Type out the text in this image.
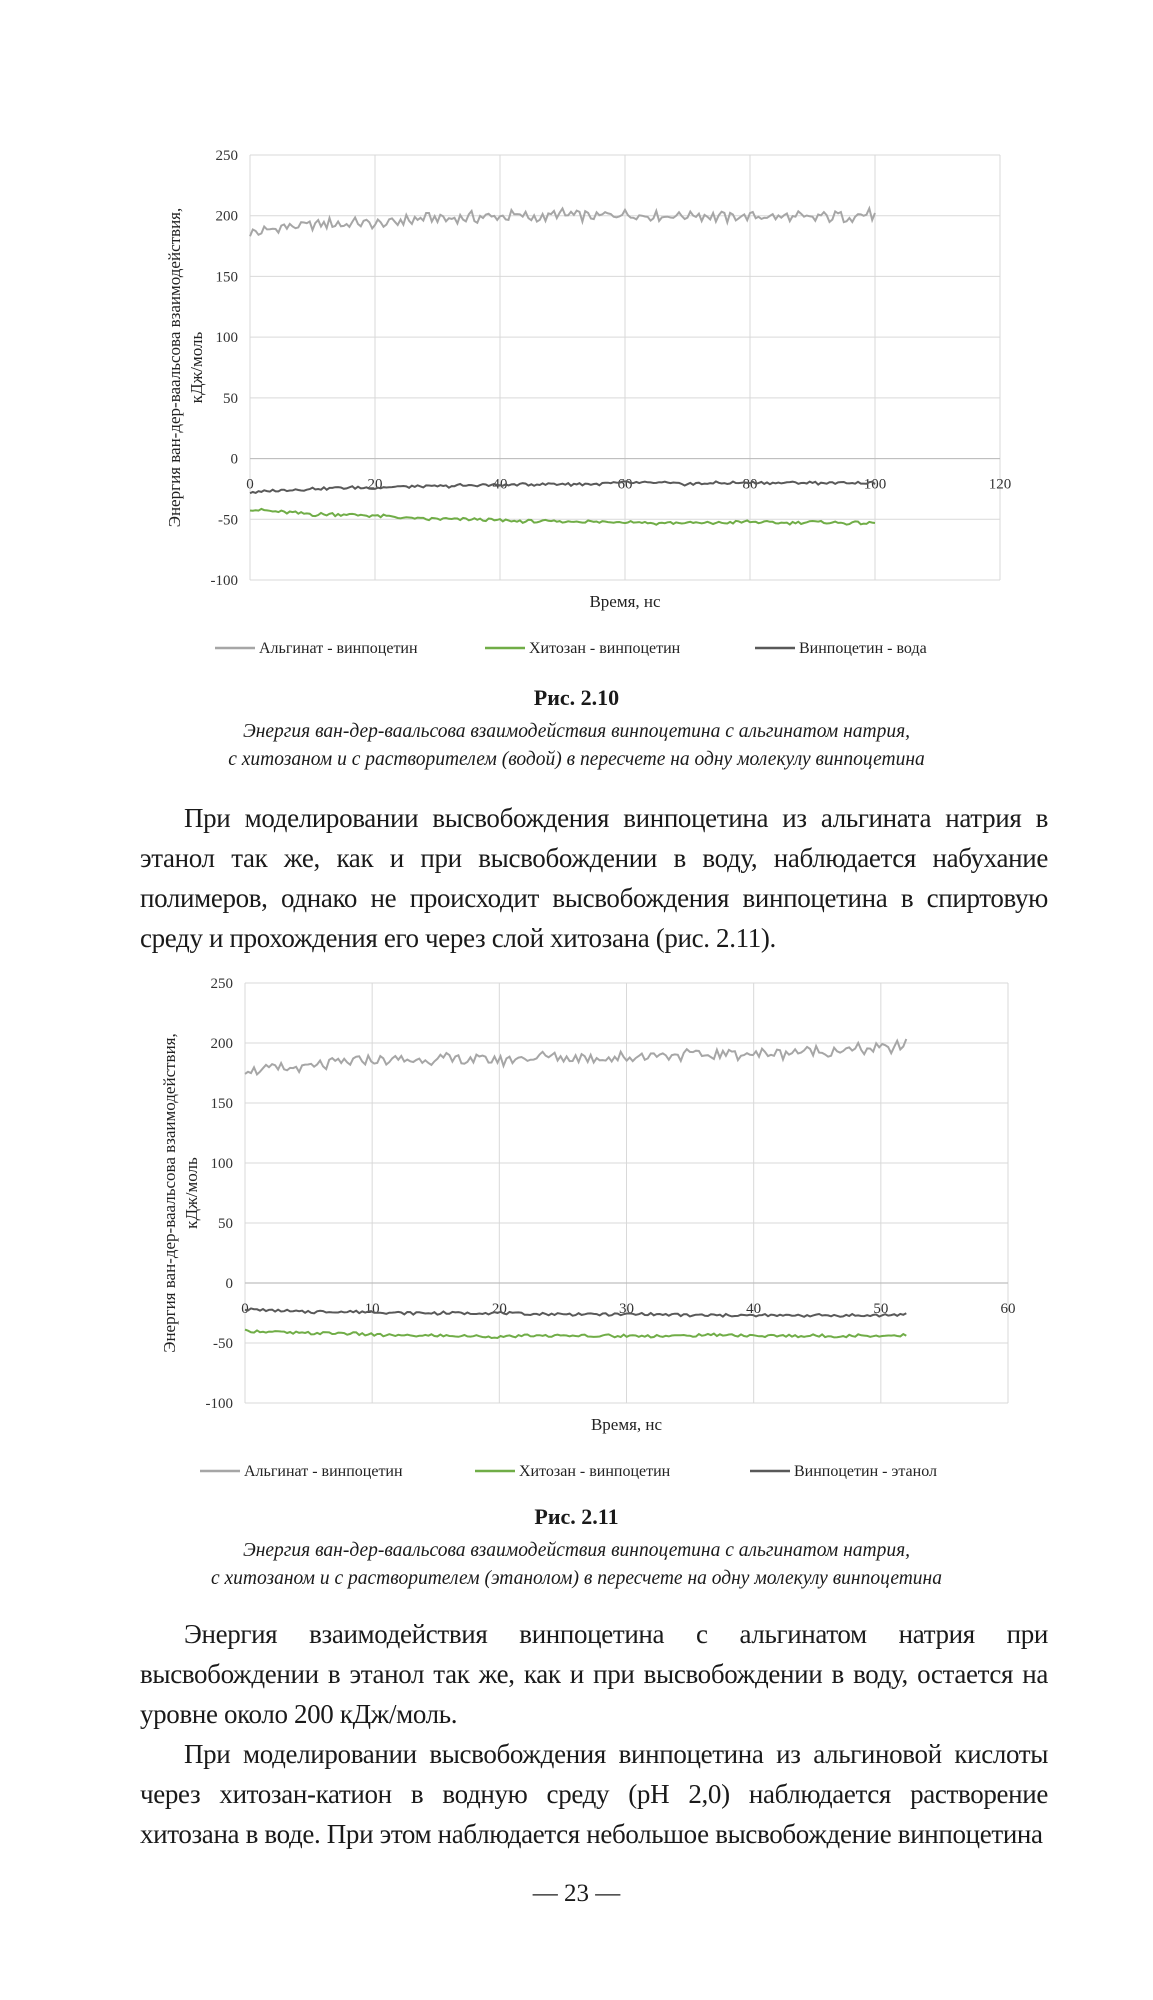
-100
-50
0
50
100
150
200
250
0	20	40	60	80	100	120
Энергия ван-дер-ваальсова взаимодействия, кДж/моль
Время, нс
Альгинат - винпоцетин	Хитозан - винпоцетин	Винпоцетин - вода
Рис. 2.10
Энергия ван-дер-ваальсова взаимодействия винпоцетина с альгинатом натрия,
с хитозаном и с растворителем (водой) в пересчете на одну молекулу винпоцетина
При моделировании высвобождения винпоцетина из альгината натрия в этанол так же, как и при высвобождении в воду, наблюдается набухание полимеров, однако не происходит высвобождения винпоцетина в спиртовую среду и прохождения его через слой хитозана (рис. 2.11).
-100
-50
0
50
100
150
200
250
0	10	20	30	40	50	60
Энергия ван-дер-ваальсова взаимодействия, кДж/моль
Время, нс
Альгинат - винпоцетин	Хитозан - винпоцетин	Винпоцетин - этанол
Рис. 2.11
Энергия ван-дер-ваальсова взаимодействия винпоцетина с альгинатом натрия,
с хитозаном и с растворителем (этанолом) в пересчете на одну молекулу винпоцетина
Энергия взаимодействия винпоцетина с альгинатом натрия при высвобождении в этанол так же, как и при высвобождении в воду, остается на уровне около 200 кДж/моль.
При моделировании высвобождения винпоцетина из альгиновой кислоты через хитозан-катион в водную среду (pH 2,0) наблюдается растворение хитозана в воде. При этом наблюдается небольшое высвобождение винпоцетина
— 23 —
